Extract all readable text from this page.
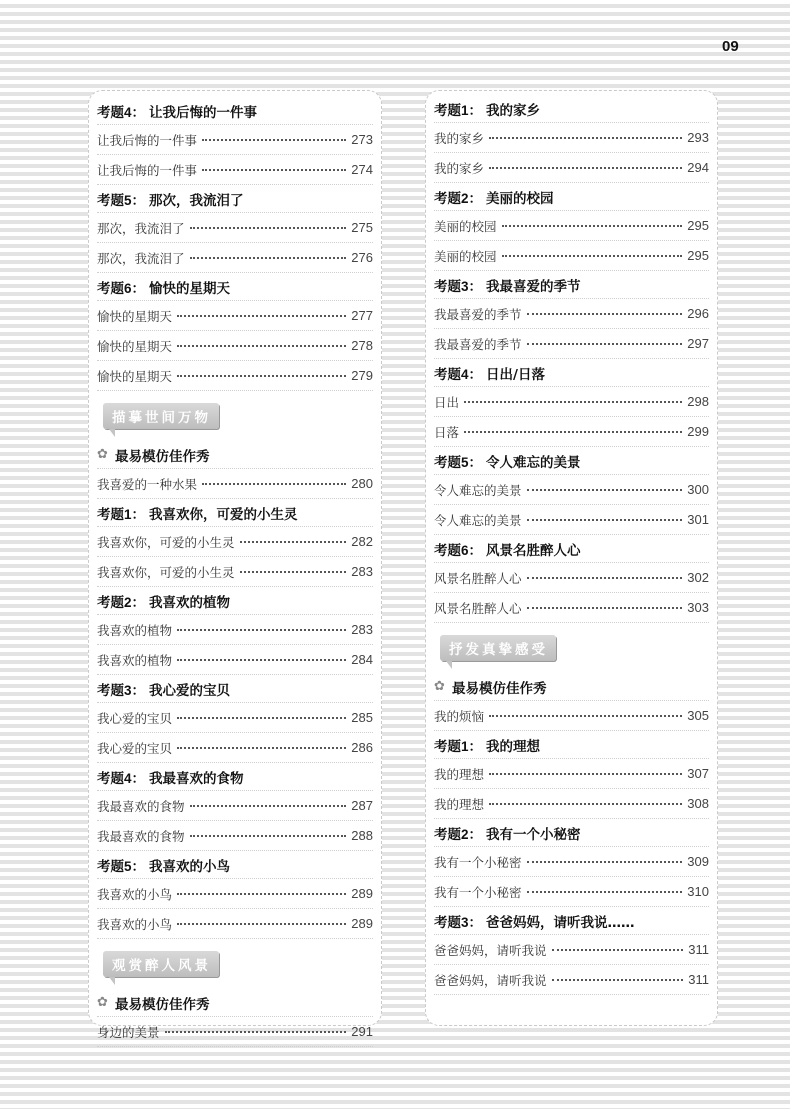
09
考题4： 让我后悔的一件事
让我后悔的一件事	273
让我后悔的一件事	274
考题5： 那次，我流泪了
那次，我流泪了	275
那次，我流泪了	276
考题6： 愉快的星期天
愉快的星期天	277
愉快的星期天	278
愉快的星期天	279
描摹世间万物
✿ 最易模仿佳作秀
我喜爱的一种水果	280
考题1： 我喜欢你，可爱的小生灵
我喜欢你，可爱的小生灵	282
我喜欢你，可爱的小生灵	283
考题2： 我喜欢的植物
我喜欢的植物	283
我喜欢的植物	284
考题3： 我心爱的宝贝
我心爱的宝贝	285
我心爱的宝贝	286
考题4： 我最喜欢的食物
我最喜欢的食物	287
我最喜欢的食物	288
考题5： 我喜欢的小鸟
我喜欢的小鸟	289
我喜欢的小鸟	289
观赏醉人风景
✿ 最易模仿佳作秀
身边的美景	291
考题1： 我的家乡
我的家乡	293
我的家乡	294
考题2： 美丽的校园
美丽的校园	295
美丽的校园	295
考题3： 我最喜爱的季节
我最喜爱的季节	296
我最喜爱的季节	297
考题4： 日出/日落
日出	298
日落	299
考题5： 令人难忘的美景
令人难忘的美景	300
令人难忘的美景	301
考题6： 风景名胜醉人心
风景名胜醉人心	302
风景名胜醉人心	303
抒发真挚感受
✿ 最易模仿佳作秀
我的烦恼	305
考题1： 我的理想
我的理想	307
我的理想	308
考题2： 我有一个小秘密
我有一个小秘密	309
我有一个小秘密	310
考题3： 爸爸妈妈，请听我说……
爸爸妈妈，请听我说	311
爸爸妈妈，请听我说	311
